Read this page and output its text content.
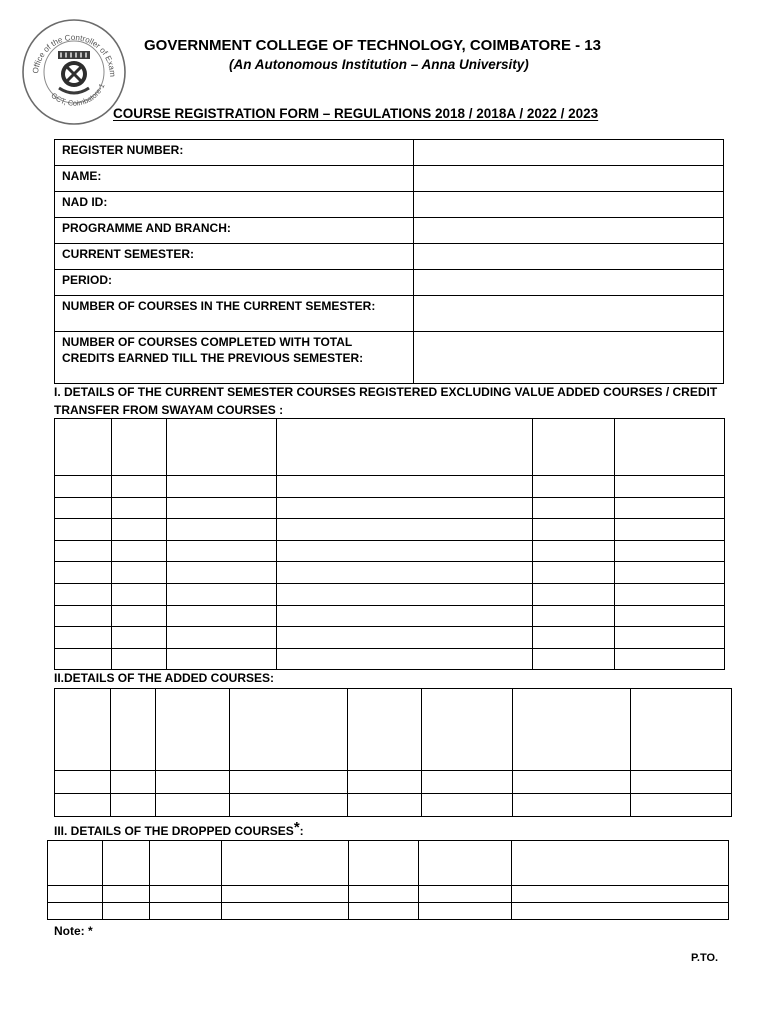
Office of the Controller of Exam
GCT, Coimbatore-1
GOVERNMENT COLLEGE OF TECHNOLOGY, COIMBATORE - 13
(An Autonomous Institution – Anna University)
COURSE REGISTRATION FORM – REGULATIONS 2018 / 2018A / 2022 / 2023
REGISTER NUMBER:	
NAME:	
NAD ID:	
PROGRAMME AND BRANCH:	
CURRENT SEMESTER:	
PERIOD:	
NUMBER OF COURSES IN THE CURRENT SEMESTER:	
NUMBER OF COURSES COMPLETED WITH TOTAL CREDITS EARNED TILL THE PREVIOUS SEMESTER:	
I. DETAILS OF THE CURRENT SEMESTER COURSES REGISTERED EXCLUDING VALUE ADDED COURSES / CREDIT TRANSFER FROM SWAYAM COURSES :

II.DETAILS OF THE ADDED COURSES:

III. DETAILS OF THE DROPPED COURSES*:

Note: *
P.TO.
